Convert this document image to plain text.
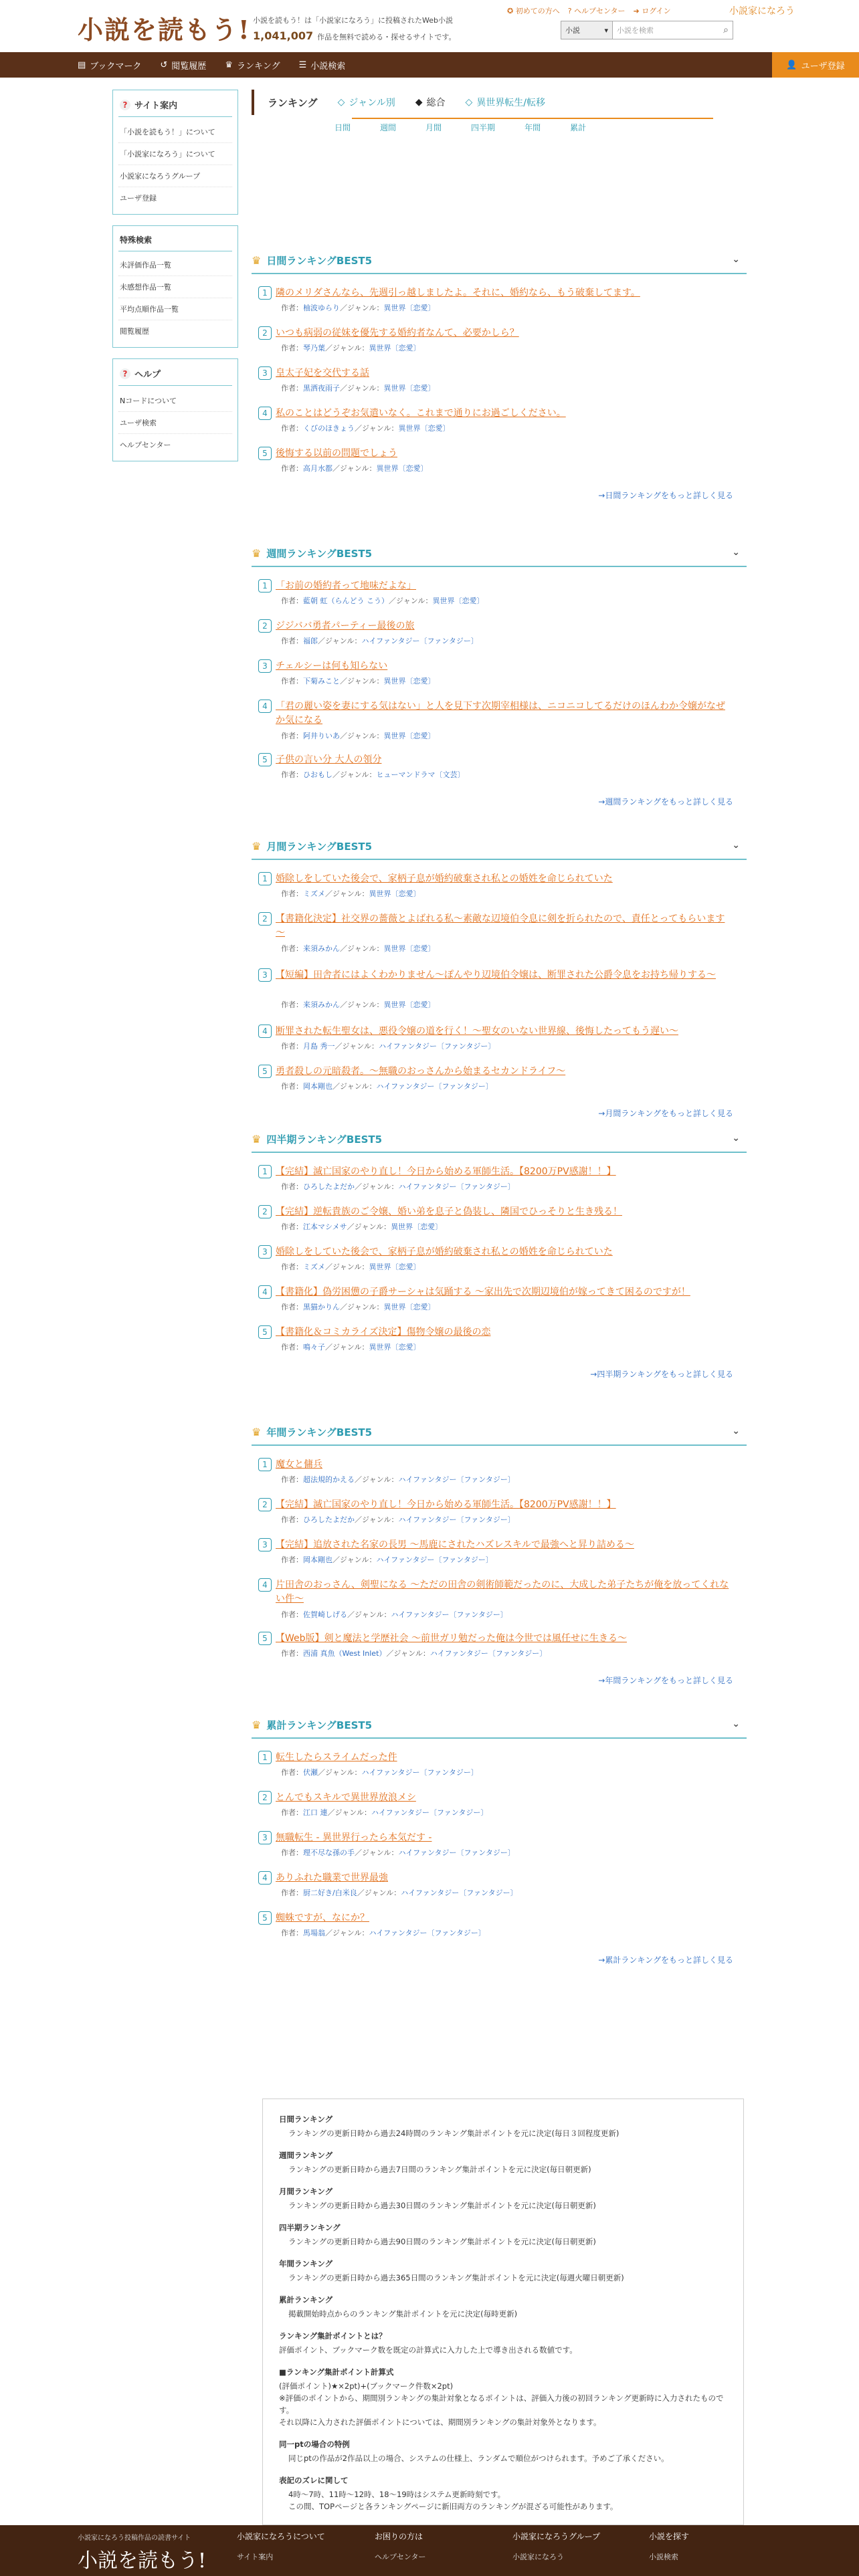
小説を読もう! 小説を読もう！は「小説家になろう」に投稿されたWeb小説
1,041,007 作品を無料で読める・探せるサイトです。
✪ 初めての方へ ? ヘルプセンター ➜ ログイン	小説家になろう
小説	▾ 小説を検索	⌕
▤ ブックマーク ↺ 閲覧履歴 ♛ ランキング ☰ 小説検索	👤 ユーザ登録
? サイト案内
「小説を読もう！」について
「小説家になろう」について
小説家になろうグループ
ユーザ登録
特殊検索
未評価作品一覧
未感想作品一覧
平均点順作品一覧
閲覧履歴
? ヘルプ
Nコードについて
ユーザ検索
ヘルプセンター
ランキング ◇ ジャンル別 ◆ 総合 ◇ 異世界転生/転移
日間	週間	月間	四半期	年間	累計
♛ 日間ランキングBEST5	⌄
1 隣のメリダさんなら、先週引っ越しましたよ。それに、婚約なら、もう破棄してます。
作者：柚波ゆらり／ジャンル：異世界〔恋愛〕
2 いつも病弱の従妹を優先する婚約者なんて、必要かしら？
作者：琴乃葉／ジャンル：異世界〔恋愛〕
3 皇太子妃を交代する話
作者：黒洒夜雨子／ジャンル：異世界〔恋愛〕
4 私のことはどうぞお気遣いなく。これまで通りにお過ごしください。
作者：くびのほきょう／ジャンル：異世界〔恋愛〕
5 後悔する以前の問題でしょう
作者：高月水都／ジャンル：異世界〔恋愛〕
→日間ランキングをもっと詳しく見る
♛ 週間ランキングBEST5	⌄
1 「お前の婚約者って地味だよな」
作者：藍朝 虹（らんどう こう）／ジャンル：異世界〔恋愛〕
2 ジジババ勇者パーティー最後の旅
作者：福郎／ジャンル：ハイファンタジー〔ファンタジー〕
3 チェルシーは何も知らない
作者：下菊みこと／ジャンル：異世界〔恋愛〕
4 「君の麗い姿を妻にする気はない」と人を見下す次期宰相様は、ニコニコしてるだけのほんわか令嬢がなぜか気になる
作者：阿井りいあ／ジャンル：異世界〔恋愛〕
5 子供の言い分 大人の領分
作者：ひおもし／ジャンル：ヒューマンドラマ〔文芸〕
→週間ランキングをもっと詳しく見る
♛ 月間ランキングBEST5	⌄
1 婚除しをしていた後会で、家柄子息が婚約破棄され私との婚姓を命じられていた
作者：ミズメ／ジャンル：異世界〔恋愛〕
2 【書籍化決定】社交界の薔薇とよばれる私～素敵な辺境伯令息に剣を折られたので、責任とってもらいます～
作者：来須みかん／ジャンル：異世界〔恋愛〕
3 【短編】田舎者にはよくわかりません～ぽんやり辺境伯令嬢は、断罪された公爵令息をお持ち帰りする～
作者：来須みかん／ジャンル：異世界〔恋愛〕
4 断罪された転生聖女は、悪役令嬢の道を行く！～聖女のいない世界線、後悔したってもう遅い～
作者：月島 秀一／ジャンル：ハイファンタジー〔ファンタジー〕
5 勇者殺しの元暗殺者。～無職のおっさんから始まるセカンドライフ～
作者：岡本剛也／ジャンル：ハイファンタジー〔ファンタジー〕
→月間ランキングをもっと詳しく見る
♛ 四半期ランキングBEST5	⌄
1 【完結】滅亡国家のやり直し！今日から始める軍師生活。【8200万PV感謝！！】
作者：ひろしたよだか／ジャンル：ハイファンタジー〔ファンタジー〕
2 【完結】逆転貴族のご令嬢、婚い弟を息子と偽装し、隣国でひっそりと生き残る！
作者：江本マシメサ／ジャンル：異世界〔恋愛〕
3 婚除しをしていた後会で、家柄子息が婚約破棄され私との婚姓を命じられていた
作者：ミズメ／ジャンル：異世界〔恋愛〕
4 【書籍化】偽労困憊の子爵サーシャは気踊する ～家出先で次期辺境伯が嫁ってきて困るのですが！
作者：黒猫かりん／ジャンル：異世界〔恋愛〕
5 【書籍化＆コミカライズ決定】傷物令嬢の最後の恋
作者：鳴々子／ジャンル：異世界〔恋愛〕
→四半期ランキングをもっと詳しく見る
♛ 年間ランキングBEST5	⌄
1 魔女と傭兵
作者：超法規的かえる／ジャンル：ハイファンタジー〔ファンタジー〕
2 【完結】滅亡国家のやり直し！今日から始める軍師生活。【8200万PV感謝！！】
作者：ひろしたよだか／ジャンル：ハイファンタジー〔ファンタジー〕
3 【完結】追放された名家の長男 ～馬鹿にされたハズレスキルで最強へと昇り詰める～
作者：岡本剛也／ジャンル：ハイファンタジー〔ファンタジー〕
4 片田舎のおっさん、剣聖になる ～ただの田舎の剣術師範だったのに、大成した弟子たちが俺を放ってくれない件～
作者：佐賀崎しげる／ジャンル：ハイファンタジー〔ファンタジー〕
5 【Web版】剣と魔法と学歴社会 ～前世ガリ勉だった俺は今世では風任せに生きる～
作者：西浦 真魚（West Inlet）／ジャンル：ハイファンタジー〔ファンタジー〕
→年間ランキングをもっと詳しく見る
♛ 累計ランキングBEST5	⌄
1 転生したらスライムだった件
作者：伏瀬／ジャンル：ハイファンタジー〔ファンタジー〕
2 とんでもスキルで異世界放浪メシ
作者：江口 連／ジャンル：ハイファンタジー〔ファンタジー〕
3 無職転生 - 異世界行ったら本気だす -
作者：理不尽な孫の手／ジャンル：ハイファンタジー〔ファンタジー〕
4 ありふれた職業で世界最強
作者：厨二好き/白米良／ジャンル：ハイファンタジー〔ファンタジー〕
5 蜘蛛ですが、なにか？
作者：馬場翁／ジャンル：ハイファンタジー〔ファンタジー〕
→累計ランキングをもっと詳しく見る
日間ランキング
ランキングの更新日時から過去24時間のランキング集計ポイントを元に決定(毎日３回程度更新)
週間ランキング
ランキングの更新日時から過去7日間のランキング集計ポイントを元に決定(毎日朝更新)
月間ランキング
ランキングの更新日時から過去30日間のランキング集計ポイントを元に決定(毎日朝更新)
四半期ランキング
ランキングの更新日時から過去90日間のランキング集計ポイントを元に決定(毎日朝更新)
年間ランキング
ランキングの更新日時から過去365日間のランキング集計ポイントを元に決定(毎週火曜日朝更新)
累計ランキング
掲載開始時点からのランキング集計ポイントを元に決定(毎時更新)
ランキング集計ポイントとは？
評価ポイント、ブックマーク数を既定の計算式に入力した上で導き出される数値です。
■ランキング集計ポイント計算式
(評価ポイント)★×2pt)+(ブックマーク件数×2pt)
※評価のポイントから、期間別ランキングの集計対象となるポイントは、評価入力後の初回ランキング更新時に入力されたものです。
それ以降に入力された評価ポイントについては、期間別ランキングの集計対象外となります。
同一ptの場合の特例
同じptの作品が2作品以上の場合、システムの仕様上、ランダムで順位がつけられます。予めご了承ください。
表記のズレに関して
4時〜7時、11時〜12時、18〜19時はシステム更新時刻です。
この間、TOPページと各ランキングページに新旧両方のランキングが混ざる可能性があります。
小説家になろう投稿作品の読書サイト
小説を読もう!
小説家になろうについて
サイト案内
お困りの方は
ヘルプセンター
小説家になろうグループ
小説家になろう
小説を探す
小説検索
